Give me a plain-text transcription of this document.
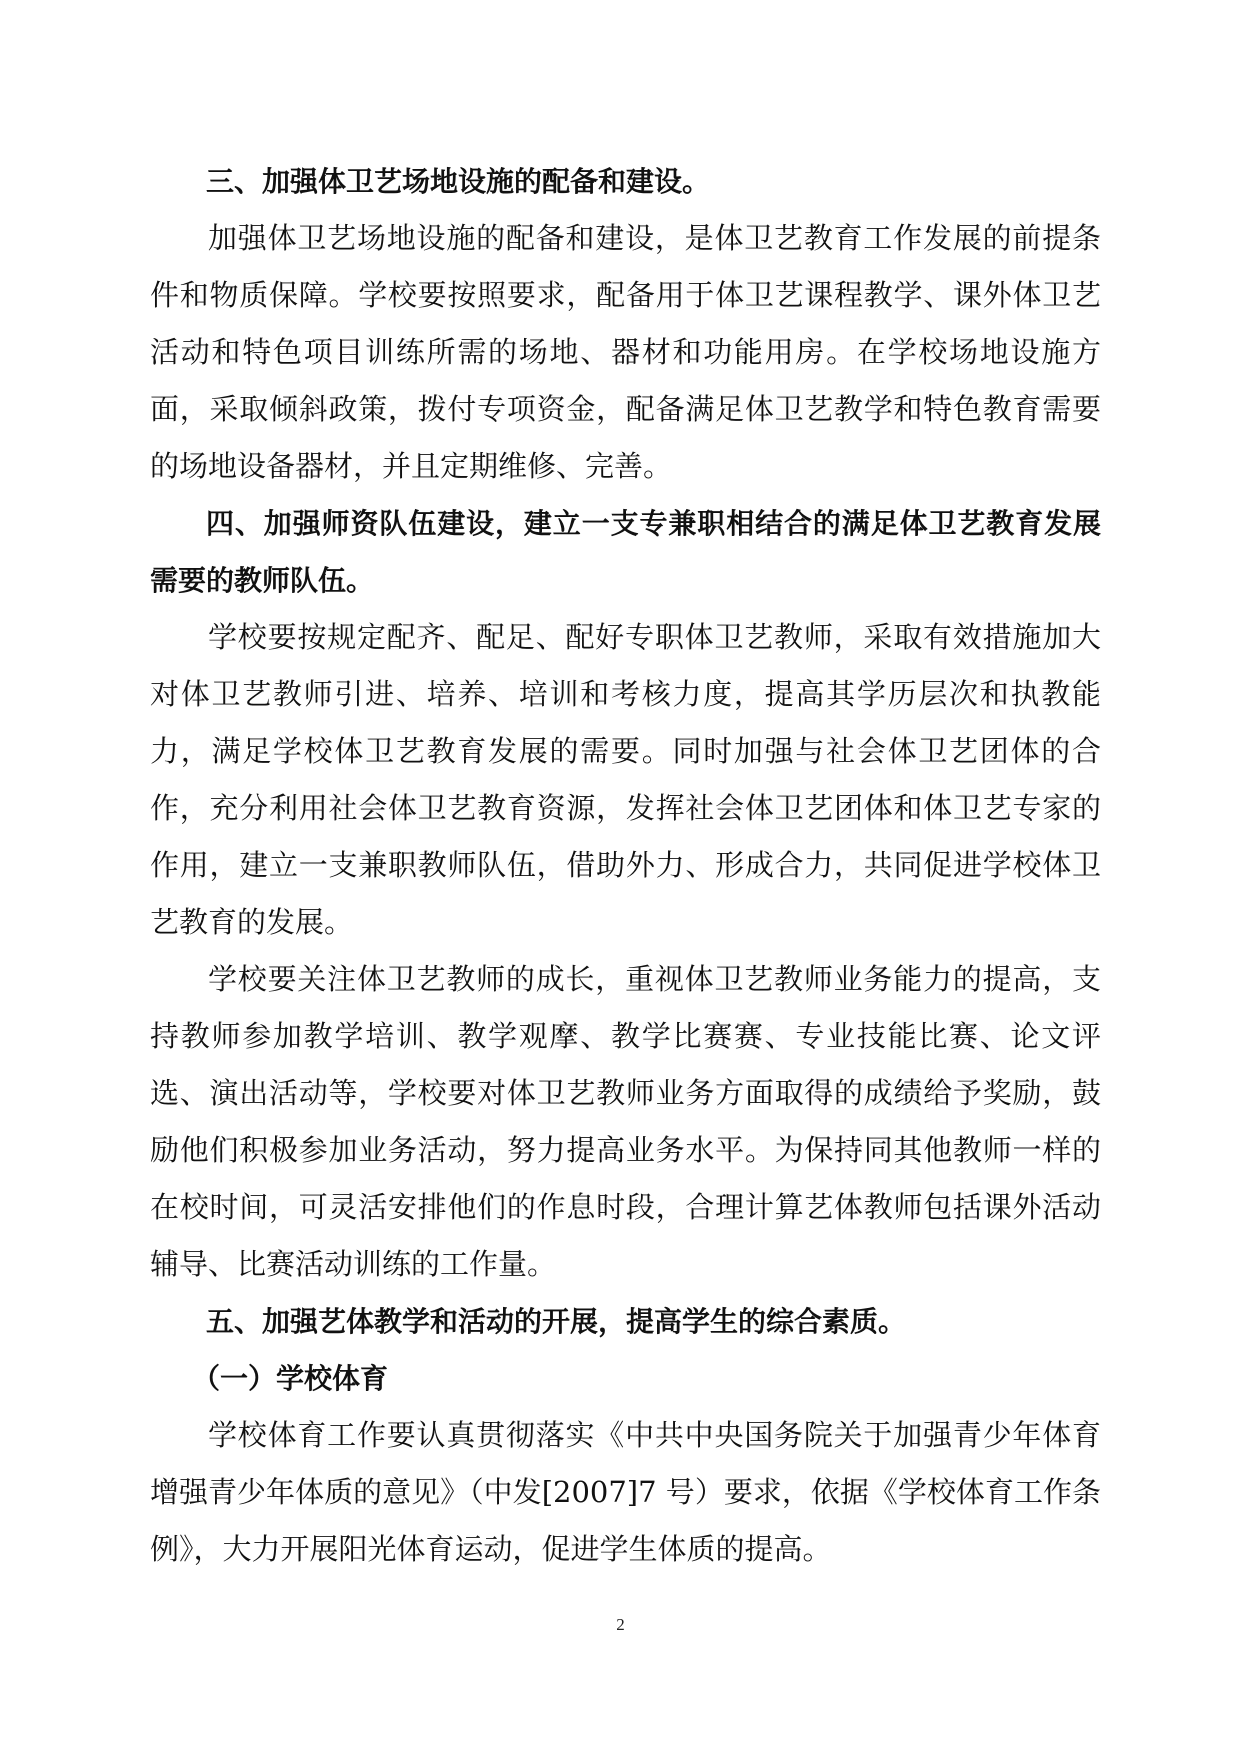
三、加强体卫艺场地设施的配备和建设。

加强体卫艺场地设施的配备和建设，是体卫艺教育工作发展的前提条件和物质保障。学校要按照要求，配备用于体卫艺课程教学、课外体卫艺活动和特色项目训练所需的场地、器材和功能用房。在学校场地设施方面，采取倾斜政策，拨付专项资金，配备满足体卫艺教学和特色教育需要的场地设备器材，并且定期维修、完善。

四、加强师资队伍建设，建立一支专兼职相结合的满足体卫艺教育发展需要的教师队伍。

学校要按规定配齐、配足、配好专职体卫艺教师，采取有效措施加大对体卫艺教师引进、培养、培训和考核力度，提高其学历层次和执教能力，满足学校体卫艺教育发展的需要。同时加强与社会体卫艺团体的合作，充分利用社会体卫艺教育资源，发挥社会体卫艺团体和体卫艺专家的作用，建立一支兼职教师队伍，借助外力、形成合力，共同促进学校体卫艺教育的发展。

学校要关注体卫艺教师的成长，重视体卫艺教师业务能力的提高，支持教师参加教学培训、教学观摩、教学比赛赛、专业技能比赛、论文评选、演出活动等，学校要对体卫艺教师业务方面取得的成绩给予奖励，鼓励他们积极参加业务活动，努力提高业务水平。为保持同其他教师一样的在校时间，可灵活安排他们的作息时段，合理计算艺体教师包括课外活动辅导、比赛活动训练的工作量。

五、加强艺体教学和活动的开展，提高学生的综合素质。

（一）学校体育

学校体育工作要认真贯彻落实《中共中央国务院关于加强青少年体育增强青少年体质的意见》（中发[2007]7 号）要求，依据《学校体育工作条例》，大力开展阳光体育运动，促进学生体质的提高。

2
